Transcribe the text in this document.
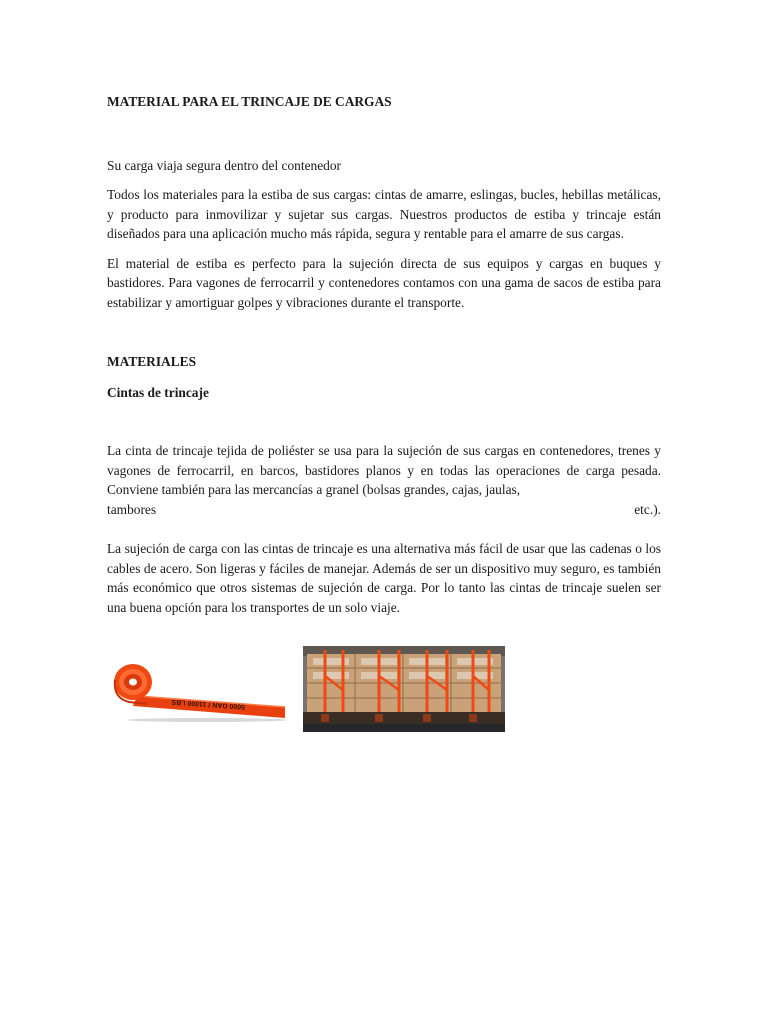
MATERIAL PARA EL TRINCAJE DE CARGAS

Su carga viaja segura dentro del contenedor

Todos los materiales para la estiba de sus cargas: cintas de amarre, eslingas, bucles, hebillas metálicas, y producto para inmovilizar y sujetar sus cargas. Nuestros productos de estiba y trincaje están diseñados para una aplicación mucho más rápida, segura y rentable para el amarre de sus cargas.

El material de estiba es perfecto para la sujeción directa de sus equipos y cargas en buques y bastidores. Para vagones de ferrocarril y contenedores contamos con una gama de sacos de estiba para estabilizar y amortiguar golpes y vibraciones durante el transporte.

MATERIALES

Cintas de trincaje

La cinta de trincaje tejida de poliéster se usa para la sujeción de sus cargas en contenedores, trenes y vagones de ferrocarril, en barcos, bastidores planos y en todas las operaciones de carga pesada. Conviene también para las mercancías a granel (bolsas grandes, cajas, jaulas,
tambores	etc.).

La sujeción de carga con las cintas de trincaje es una alternativa más fácil de usar que las cadenas o los cables de acero. Son ligeras y fáciles de manejar. Además de ser un dispositivo muy seguro, es también más económico que otros sistemas de sujeción de carga. Por lo tanto las cintas de trincaje suelen ser una buena opción para los transportes de un solo viaje.

5000 DAN / 11000 LBS
